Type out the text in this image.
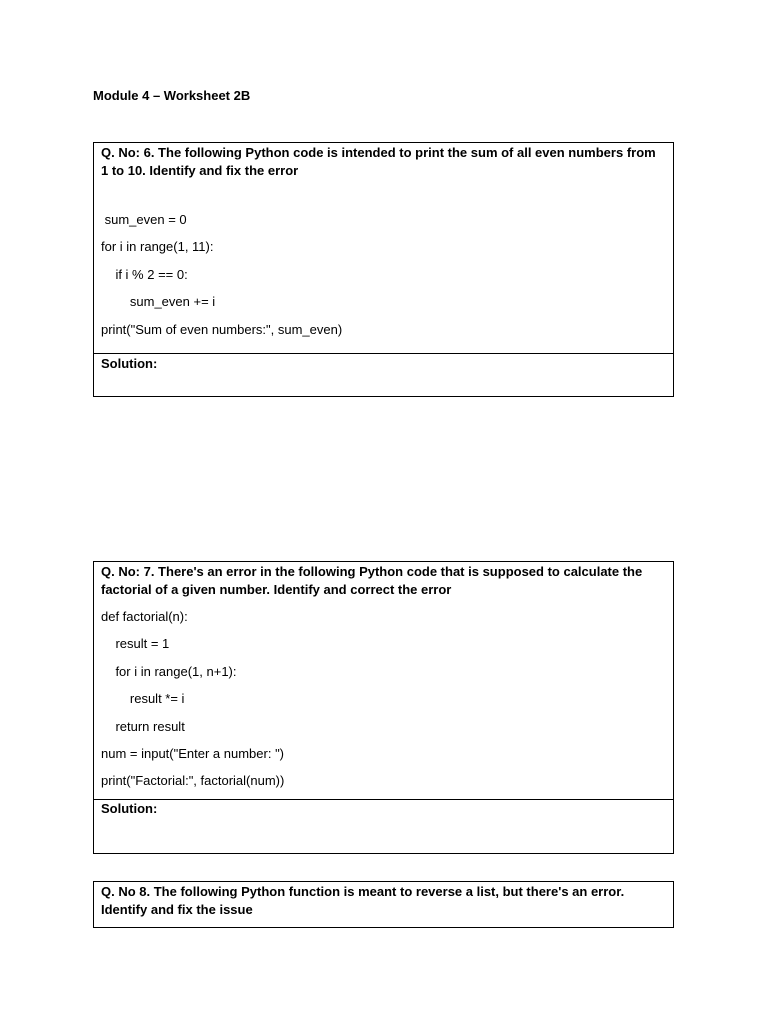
Module 4 – Worksheet 2B
Q. No: 6. The following Python code is intended to print the sum of all even numbers from 1 to 10. Identify and fix the error
sum_even = 0
for i in range(1, 11):
if i % 2 == 0:
sum_even += i
print("Sum of even numbers:", sum_even)
Solution:
Q. No: 7. There's an error in the following Python code that is supposed to calculate the factorial of a given number. Identify and correct the error
def factorial(n):
result = 1
for i in range(1, n+1):
result *= i
return result
num = input("Enter a number: ")
print("Factorial:", factorial(num))
Solution:
Q. No 8. The following Python function is meant to reverse a list, but there's an error. Identify and fix the issue
